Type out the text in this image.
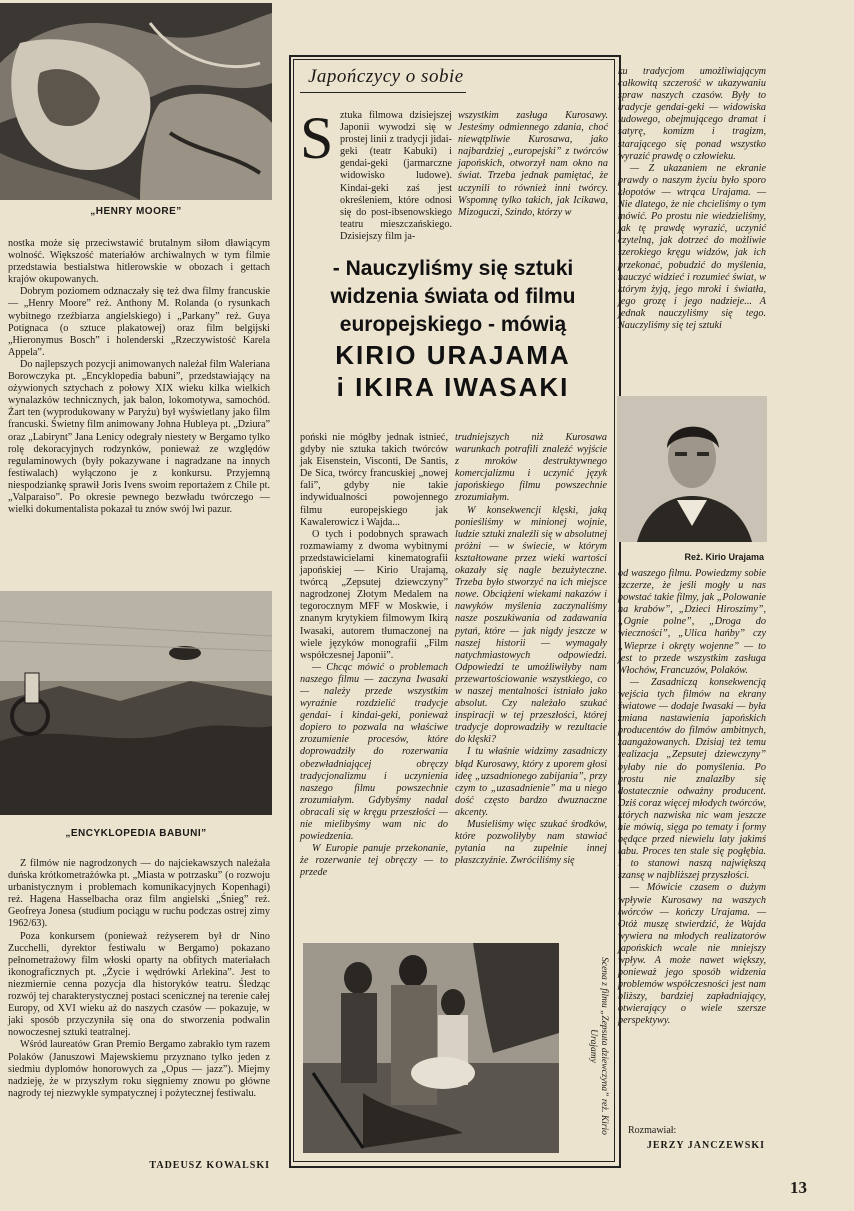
„HENRY MOORE”

nostka może się przeciwstawić brutalnym siłom dławiącym wolność. Większość materiałów archiwalnych w tym filmie przedstawia bestialstwa hitlerowskie w obozach i gettach krajów okupowanych.

Dobrym poziomem odznaczały się też dwa filmy francuskie — „Henry Moore” reż. Anthony M. Rolanda (o rysunkach wybitnego rzeźbiarza angielskiego) i „Parkany” reż. Guya Potignaca (o sztuce plakatowej) oraz film belgijski „Hieronymus Bosch” i holenderski „Rzeczywistość Karela Appela”.

Do najlepszych pozycji animowanych należał film Waleriana Borowczyka pt. „Encyklopedia babuni”, przedstawiający na ożywionych sztychach z połowy XIX wieku kilka wielkich wynalazków technicznych, jak balon, lokomotywa, samochód. Żart ten (wyprodukowany w Paryżu) był wyświetlany jako film francuski. Świetny film animowany Johna Hubleya pt. „Dziura” oraz „Labirynt” Jana Lenicy odegrały niestety w Bergamo tylko rolę dekoracyjnych rodzynków, ponieważ ze względów regulaminowych (były pokazywane i nagradzane na innych festiwalach) wyłączono je z konkursu. Przyjemną niespodziankę sprawił Joris Ivens swoim reportażem z Chile pt. „Valparaiso”. Po okresie pewnego bezwładu twórczego — wielki dokumentalista pokazał tu znów swój lwi pazur.

„ENCYKLOPEDIA BABUNI”

Z filmów nie nagrodzonych — do najciekawszych należała duńska krótkometrażówka pt. „Miasta w potrzasku” (o rozwoju urbanistycznym i problemach komunikacyjnych Kopenhagi) reż. Hagena Hasselbacha oraz film angielski „Śnieg” reż. Geofreya Jonesa (studium pociągu w ruchu podczas ostrej zimy 1962/63).

Poza konkursem (ponieważ reżyserem był dr Nino Zucchelli, dyrektor festiwalu w Bergamo) pokazano pełnometrażowy film włoski oparty na obfitych materiałach ikonograficznych pt. „Życie i wędrówki Arlekina”. Jest to niezmiernie cenna pozycja dla historyków teatru. Śledząc rozwój tej charakterystycznej postaci scenicznej na terenie całej Europy, od XVI wieku aż do naszych czasów — pokazuje, w jaki sposób przyczyniła się ona do stworzenia podwalin nowoczesnej sztuki teatralnej.

Wśród laureatów Gran Premio Bergamo zabrakło tym razem Polaków (Januszowi Majewskiemu przyznano tylko jeden z siedmiu dyplomów honorowych za „Opus — jazz”). Miejmy nadzieję, że w przyszłym roku sięgniemy znowu po główne nagrody tej niezwykle sympatycznej i pożytecznej festiwalu.

TADEUSZ KOWALSKI
Japończycy o sobie
S ztuka filmowa dzisiejszej Japonii wywodzi się w prostej linii z tradycji jidai-geki (teatr Kabuki) i gendai-geki (jarmarczne widowisko ludowe). Kindai-geki zaś jest określeniem, które odnosi się do post-ibsenowskiego teatru mieszczańskiego. Dzisiejszy film ja-

wszystkim zasługa Kurosawy. Jesteśmy odmiennego zdania, choć niewątpliwie Kurosawa, jako najbardziej „europejski” z twórców japońskich, otworzył nam okno na świat. Trzeba jednak pamiętać, że uczynili to również inni twórcy. Wspomnę tylko takich, jak Icikawa, Mizoguczi, Szindo, którzy w

- Nauczyliśmy się sztuki
widzenia świata od filmu
europejskiego - mówią
KIRIO URAJAMA
i IKIRA IWASAKI

poński nie mógłby jednak istnieć, gdyby nie sztuka takich twórców jak Eisenstein, Visconti, De Santis, De Sica, twórcy francuskiej „nowej fali”, gdyby nie takie indywidualności powojennego filmu europejskiego jak Kawalerowicz i Wajda...

O tych i podobnych sprawach rozmawiamy z dwoma wybitnymi przedstawicielami kinematografii japońskiej — Kirio Urajamą, twórcą „Zepsutej dziewczyny” nagrodzonej Złotym Medalem na tegorocznym MFF w Moskwie, i znanym krytykiem filmowym Ikirą Iwasaki, autorem tłumaczonej na wiele języków monografii „Film współczesnej Japonii”.

— Chcąc mówić o problemach naszego filmu — zaczyna Iwasaki — należy przede wszystkim wyraźnie rozdzielić tradycje gendai- i kindai-geki, ponieważ dopiero to pozwala na właściwe zrozumienie procesów, które doprowadziły do rozerwania obezwładniającej obręczy tradycjonalizmu i uczynienia naszego filmu powszechnie zrozumiałym. Gdybyśmy nadal obracali się w kręgu przeszłości — nie mielibyśmy wam nic do powiedzenia.

W Europie panuje przekonanie, że rozerwanie tej obręczy — to przede

trudniejszych niż Kurosawa warunkach potrafili znaleźć wyjście z mroków destruktywnego komercjalizmu i uczynić język japońskiego filmu powszechnie zrozumiałym.

W konsekwencji klęski, jaką ponieśliśmy w minionej wojnie, ludzie sztuki znaleźli się w absolutnej próżni — w świecie, w którym kształtowane przez wieki wartości okazały się nagle bezużyteczne. Trzeba było stworzyć na ich miejsce nowe. Obciążeni wiekami nakazów i nawyków myślenia zaczynaliśmy nasze poszukiwania od zadawania pytań, które — jak nigdy jeszcze w naszej historii — wymagały natychmiastowych odpowiedzi. Odpowiedzi te umożliwiłyby nam przewartościowanie wszystkiego, co w naszej mentalności istniało jako absolut. Czy należało szukać inspiracji w tej przeszłości, której tradycje doprowadziły w rezultacie do klęski?

I tu właśnie widzimy zasadniczy błąd Kurosawy, który z uporem głosi ideę „uzsadnionego zabijania”, przy czym to „uzasadnienie” ma u niego dość często bardzo dwuznaczne akcenty.

Musieliśmy więc szukać środków, które pozwoliłyby nam stawiać pytania na zupełnie innej płaszczyźnie. Zwróciliśmy się

Scena z filmu „Zepsuta dziewczyna” reż. Kirio Urajamy

ku tradycjom umożliwiającym całkowitą szczerość w ukazywaniu spraw naszych czasów. Były to tradycje gendai-geki — widowiska ludowego, obejmującego dramat i satyrę, komizm i tragizm, starającego się ponad wszystko wyrazić prawdę o człowieku.

— Z ukazaniem ne ekranie prawdy o naszym życiu było sporo kłopotów — wtrąca Urajama. — Nie dlatego, że nie chcieliśmy o tym mówić. Po prostu nie wiedzieliśmy, jak tę prawdę wyrazić, uczynić czytelną, jak dotrzeć do możliwie szerokiego kręgu widzów, jak ich przekonać, pobudzić do myślenia, nauczyć widzieć i rozumieć świat, w którym żyją, jego mroki i światła, jego grozę i jego nadzieje... A jednak nauczyliśmy się tego. Nauczyliśmy się tej sztuki

Reż. Kirio Urajama

od waszego filmu. Powiedzmy sobie szczerze, że jeśli mogły u nas powstać takie filmy, jak „Polowanie na krabów”, „Dzieci Hiroszimy”, „Ognie polne”, „Droga do wieczności”, „Ulica hańby” czy „Wieprze i okręty wojenne” — to jest to przede wszystkim zasługa Włochów, Francuzów, Polaków.

— Zasadniczą konsekwencją wejścia tych filmów na ekrany światowe — dodaje Iwasaki — była zmiana nastawienia japońskich producentów do filmów ambitnych, zaangażowanych. Dzisiaj też temu realizacja „Zepsutej dziewczyny” byłaby nie do pomyślenia. Po prostu nie znalazłby się dostatecznie odważny producent. Dziś coraz więcej młodych twórców, których nazwiska nic wam jeszcze nie mówią, sięga po tematy i formy będące przed niewielu laty jakimś tabu. Proces ten stale się pogłębia. I to stanowi naszą największą szansę w najbliższej przyszłości.

— Mówicie czasem o dużym wpływie Kurosawy na waszych twórców — kończy Urajama. — Otóż muszę stwierdzić, że Wajda wywiera na młodych realizatorów japońskich wcale nie mniejszy wpływ. A może nawet większy, ponieważ jego sposób widzenia problemów współczesności jest nam bliższy, bardziej zapładniający, otwierający o wiele szersze perspektywy.

Rozmawiał:
JERZY JANCZEWSKI
13
